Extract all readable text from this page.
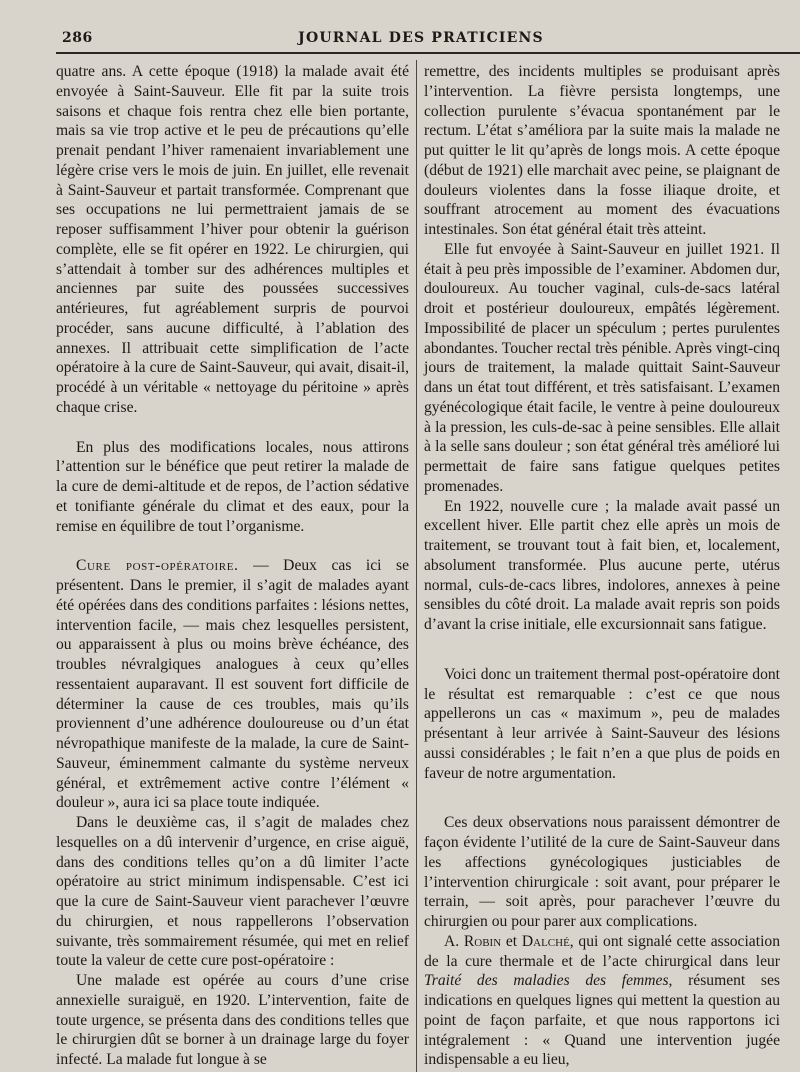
286	JOURNAL DES PRATICIENS

quatre ans. A cette époque (1918) la malade avait été envoyée à Saint-Sauveur. Elle fit par la suite trois saisons et chaque fois rentra chez elle bien portante, mais sa vie trop active et le peu de précautions qu’elle prenait pendant l’hiver ramenaient invariablement une légère crise vers le mois de juin. En juillet, elle revenait à Saint-Sauveur et partait transformée. Comprenant que ses occupations ne lui permettraient jamais de se reposer suffisamment l’hiver pour obtenir la guérison complète, elle se fit opérer en 1922. Le chirurgien, qui s’attendait à tomber sur des adhérences multiples et anciennes par suite des poussées successives antérieures, fut agréablement surpris de pourvoi procéder, sans aucune difficulté, à l’ablation des annexes. Il attribuait cette simplification de l’acte opératoire à la cure de Saint-Sauveur, qui avait, disait-il, procédé à un véritable « nettoyage du péritoine » après chaque crise.

En plus des modifications locales, nous attirons l’attention sur le bénéfice que peut retirer la malade de la cure de demi-altitude et de repos, de l’action sédative et tonifiante générale du climat et des eaux, pour la remise en équilibre de tout l’organisme.

Cure post-opératoire. — Deux cas ici se présentent. Dans le premier, il s’agit de malades ayant été opérées dans des conditions parfaites : lésions nettes, intervention facile, — mais chez lesquelles persistent, ou apparaissent à plus ou moins brève échéance, des troubles névralgiques analogues à ceux qu’elles ressentaient auparavant. Il est souvent fort difficile de déterminer la cause de ces troubles, mais qu’ils proviennent d’une adhérence douloureuse ou d’un état névropathique manifeste de la malade, la cure de Saint-Sauveur, éminemment calmante du système nerveux général, et extrêmement active contre l’élément « douleur », aura ici sa place toute indiquée.

Dans le deuxième cas, il s’agit de malades chez lesquelles on a dû intervenir d’urgence, en crise aiguë, dans des conditions telles qu’on a dû limiter l’acte opératoire au strict minimum indispensable. C’est ici que la cure de Saint-Sauveur vient parachever l’œuvre du chirurgien, et nous rappellerons l’observation suivante, très sommairement résumée, qui met en relief toute la valeur de cette cure post-opératoire :

Une malade est opérée au cours d’une crise annexielle suraiguë, en 1920. L’intervention, faite de toute urgence, se présenta dans des conditions telles que le chirurgien dût se borner à un drainage large du foyer infecté. La malade fut longue à se

remettre, des incidents multiples se produisant après l’intervention. La fièvre persista longtemps, une collection purulente s’évacua spontanément par le rectum. L’état s’améliora par la suite mais la malade ne put quitter le lit qu’après de longs mois. A cette époque (début de 1921) elle marchait avec peine, se plaignant de douleurs violentes dans la fosse iliaque droite, et souffrant atrocement au moment des évacuations intestinales. Son état général était très atteint.

Elle fut envoyée à Saint-Sauveur en juillet 1921. Il était à peu près impossible de l’examiner. Abdomen dur, douloureux. Au toucher vaginal, culs-de-sacs latéral droit et postérieur douloureux, empâtés légèrement. Impossibilité de placer un spéculum ; pertes purulentes abondantes. Toucher rectal très pénible. Après vingt-cinq jours de traitement, la malade quittait Saint-Sauveur dans un état tout différent, et très satisfaisant. L’examen gyénécologique était facile, le ventre à peine douloureux à la pression, les culs-de-sac à peine sensibles. Elle allait à la selle sans douleur ; son état général très amélioré lui permettait de faire sans fatigue quelques petites promenades.

En 1922, nouvelle cure ; la malade avait passé un excellent hiver. Elle partit chez elle après un mois de traitement, se trouvant tout à fait bien, et, localement, absolument transformée. Plus aucune perte, utérus normal, culs-de-cacs libres, indolores, annexes à peine sensibles du côté droit. La malade avait repris son poids d’avant la crise initiale, elle excursionnait sans fatigue.

Voici donc un traitement thermal post-opératoire dont le résultat est remarquable : c’est ce que nous appellerons un cas « maximum », peu de malades présentant à leur arrivée à Saint-Sauveur des lésions aussi considérables ; le fait n’en a que plus de poids en faveur de notre argumentation.

Ces deux observations nous paraissent démontrer de façon évidente l’utilité de la cure de Saint-Sauveur dans les affections gynécologiques justiciables de l’intervention chirurgicale : soit avant, pour préparer le terrain, — soit après, pour parachever l’œuvre du chirurgien ou pour parer aux complications.

A. Robin et Dalché, qui ont signalé cette association de la cure thermale et de l’acte chirurgical dans leur Traité des maladies des femmes, résument ses indications en quelques lignes qui mettent la question au point de façon parfaite, et que nous rapportons ici intégralement : « Quand une intervention jugée indispensable a eu lieu,
